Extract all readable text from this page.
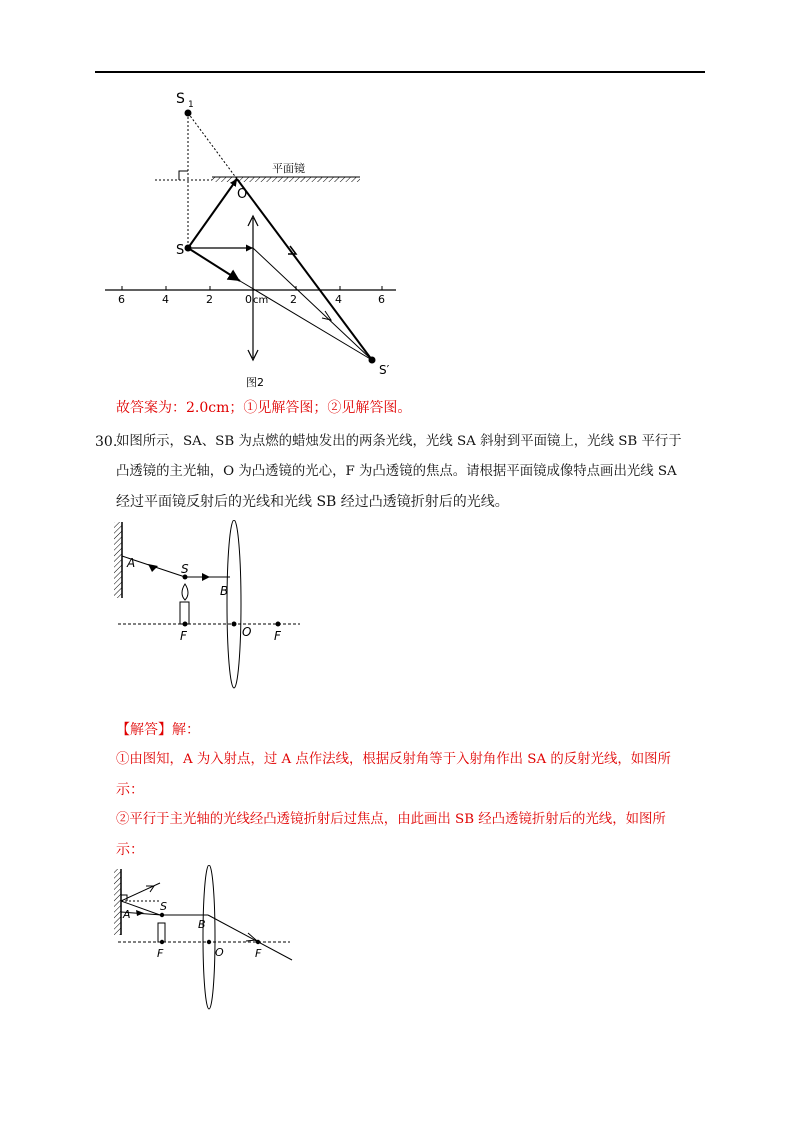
S 1
平面镜
6	4	2	0 cm 2	4	6
S
O
S′
图2
故答案为：2.0cm；①见解答图；②见解答图。
30.
如图所示，SA、SB 为点燃的蜡烛发出的两条光线，光线 SA 斜射到平面镜上，光线 SB 平行于
凸透镜的主光轴，O 为凸透镜的光心，F 为凸透镜的焦点。请根据平面镜成像特点画出光线 SA
经过平面镜反射后的光线和光线 SB 经过凸透镜折射后的光线。
A	S
B
F	O F
【解答】解：
①由图知，A 为入射点，过 A 点作法线，根据反射角等于入射角作出 SA 的反射光线，如图所
示：
②平行于主光轴的光线经凸透镜折射后过焦点，由此画出 SB 经凸透镜折射后的光线，如图所
示：
A
S
B
F	O	F
